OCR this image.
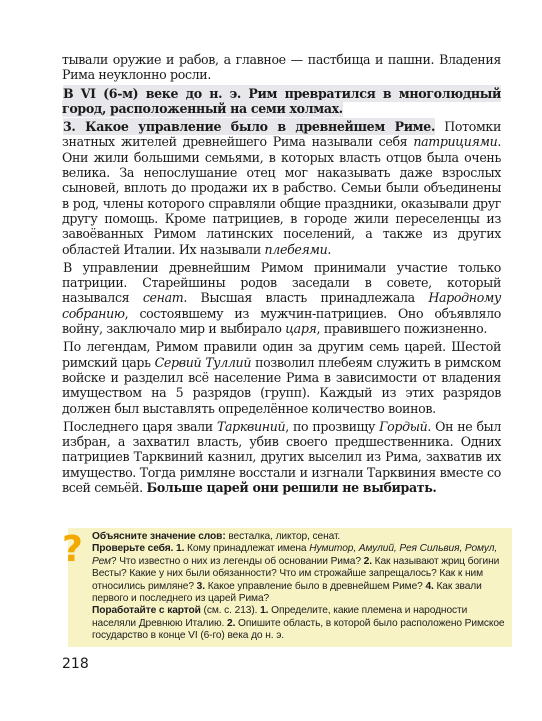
тывали оружие и рабов, а главное — пастбища и пашни. Владения Рима неуклонно росли.

В VI (6-м) веке до н. э. Рим превратился в многолюдный город, расположенный на семи холмах.

3. Какое управление было в древнейшем Риме. Потомки знатных жителей древнейшего Рима называли себя патрициями. Они жили большими семьями, в которых власть отцов была очень велика. За непослушание отец мог наказывать даже взрослых сыновей, вплоть до продажи их в рабство. Семьи были объединены в род, члены которого справляли общие праздники, оказывали друг другу помощь. Кроме патрициев, в городе жили переселенцы из завоёванных Римом латинских поселений, а также из других областей Италии. Их называли плебеями.

В управлении древнейшим Римом принимали участие только патриции. Старейшины родов заседали в совете, который назывался сенат. Высшая власть принадлежала Народному собранию, состоявшему из мужчин-патрициев. Оно объявляло войну, заключало мир и выбирало царя, правившего пожизненно.

По легендам, Римом правили один за другим семь царей. Шестой римский царь Сервий Туллий позволил плебеям служить в римском войске и разделил всё население Рима в зависимости от владения имуществом на 5 разрядов (групп). Каждый из этих разрядов должен был выставлять определённое количество воинов.

Последнего царя звали Тарквиний, по прозвищу Гордый. Он не был избран, а захватил власть, убив своего предшественника. Одних патрициев Тарквиний казнил, других выселил из Рима, захватив их имущество. Тогда римляне восстали и изгнали Тарквиния вместе со всей семьёй. Больше царей они решили не выбирать.

? Объясните значение слов: весталка, ликтор, сенат.
Проверьте себя. 1. Кому принадлежат имена Нумитор, Амулий, Рея Сильвия, Ромул, Рем? Что известно о них из легенды об основании Рима? 2. Как называют жриц богини Весты? Какие у них были обязанности? Что им строжайше запрещалось? Как к ним относились римляне? 3. Какое управление было в древнейшем Риме? 4. Как звали первого и последнего из царей Рима?
Поработайте с картой (см. с. 213). 1. Определите, какие племена и народности населяли Древнюю Италию. 2. Опишите область, в которой было расположено Римское государство в конце VI (6-го) века до н. э.
218
